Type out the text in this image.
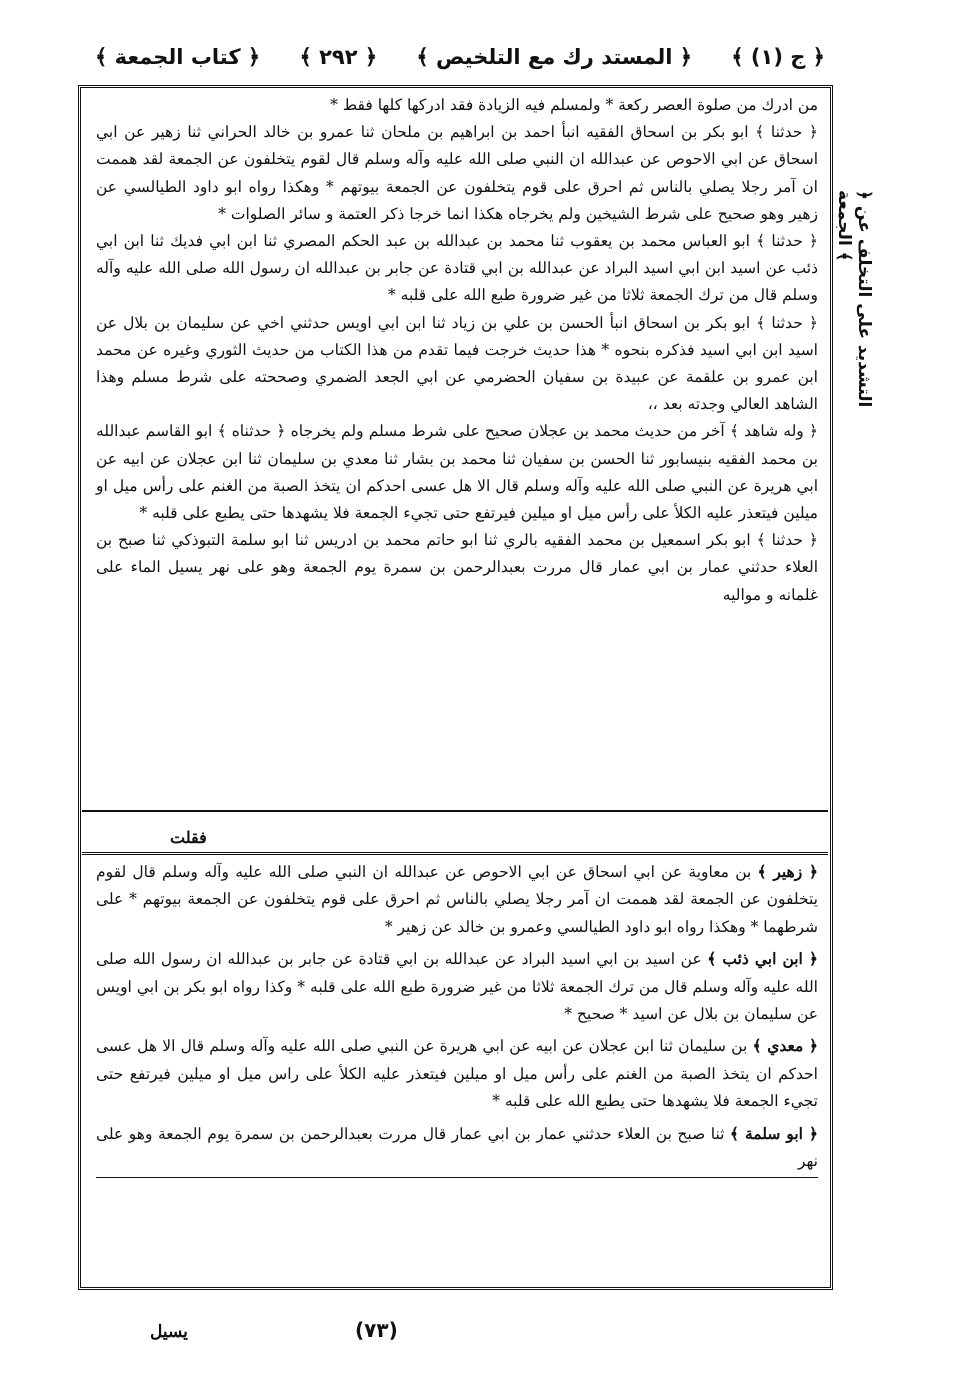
﴿ ج (١) ﴾
﴿ المستد رك مع التلخيص ﴾
﴿ ٢٩٢ ﴾
﴿ كتاب الجمعة ﴾
﴿ التشديد على التخلف عن الجمعة ﴾

من ادرك من صلوة العصر ركعة * ولمسلم فيه الزيادة فقد ادركها كلها فقط *

﴿ حدثنا ﴾ ابو بكر بن اسحاق الفقيه انبأ احمد بن ابراهيم بن ملحان ثنا عمرو بن خالد الحراني ثنا زهير عن ابي اسحاق عن ابي الاحوص عن عبدالله ان النبي صلى الله عليه وآله وسلم قال لقوم يتخلفون عن الجمعة لقد هممت ان آمر رجلا يصلي بالناس ثم احرق على قوم يتخلفون عن الجمعة بيوتهم * وهكذا رواه ابو داود الطيالسي عن زهير وهو صحيح على شرط الشيخين ولم يخرجاه هكذا انما خرجا ذكر العتمة و سائر الصلوات *

﴿ حدثنا ﴾ ابو العباس محمد بن يعقوب ثنا محمد بن عبدالله بن عبد الحكم المصري ثنا ابن ابي فديك ثنا ابن ابي ذئب عن اسيد ابن ابي اسيد البراد عن عبدالله بن ابي قتادة عن جابر بن عبدالله ان رسول الله صلى الله عليه وآله وسلم قال من ترك الجمعة ثلاثا من غير ضرورة طبع الله على قلبه *

﴿ حدثنا ﴾ ابو بكر بن اسحاق انبأ الحسن بن علي بن زياد ثنا ابن ابي اويس حدثني اخي عن سليمان بن بلال عن اسيد ابن ابي اسيد فذكره بنحوه * هذا حديث خرجت فيما تقدم من هذا الكتاب من حديث الثوري وغيره عن محمد ابن عمرو بن علقمة عن عبيدة بن سفيان الحضرمي عن ابي الجعد الضمري وصححته على شرط مسلم وهذا الشاهد العالي وجدته بعد ،،

﴿ وله شاهد ﴾ آخر من حديث محمد بن عجلان صحيح على شرط مسلم ولم يخرجاه ﴿ حدثناه ﴾ ابو القاسم عبدالله بن محمد الفقيه بنيسابور ثنا الحسن بن سفيان ثنا محمد بن بشار ثنا معدي بن سليمان ثنا ابن عجلان عن ابيه عن ابي هريرة عن النبي صلى الله عليه وآله وسلم قال الا هل عسى احدكم ان يتخذ الصبة من الغنم على رأس ميل او ميلين فيتعذر عليه الكلأ على رأس ميل او ميلين فيرتفع حتى تجيء الجمعة فلا يشهدها حتى يطبع على قلبه *

﴿ حدثنا ﴾ ابو بكر اسمعيل بن محمد الفقيه بالري ثنا ابو حاتم محمد بن ادريس ثنا ابو سلمة التبوذكي ثنا صبح بن العلاء حدثني عمار بن ابي عمار قال مررت بعبدالرحمن بن سمرة يوم الجمعة وهو على نهر يسيل الماء على غلمانه و مواليه

فقلت

﴿ زهير ﴾ بن معاوية عن ابي اسحاق عن ابي الاحوص عن عبدالله ان النبي صلى الله عليه وآله وسلم قال لقوم يتخلفون عن الجمعة لقد هممت ان آمر رجلا يصلي بالناس ثم احرق على قوم يتخلفون عن الجمعة بيوتهم * على شرطهما * وهكذا رواه ابو داود الطيالسي وعمرو بن خالد عن زهير *

﴿ ابن ابي ذئب ﴾ عن اسيد بن ابي اسيد البراد عن عبدالله بن ابي قتادة عن جابر بن عبدالله ان رسول الله صلى الله عليه وآله وسلم قال من ترك الجمعة ثلاثا من غير ضرورة طبع الله على قلبه * وكذا رواه ابو بكر بن ابي اويس عن سليمان بن بلال عن اسيد * صحيح *

﴿ معدي ﴾ بن سليمان ثنا ابن عجلان عن ابيه عن ابي هريرة عن النبي صلى الله عليه وآله وسلم قال الا هل عسى احدكم ان يتخذ الصبة من الغنم على رأس ميل او ميلين فيتعذر عليه الكلأ على راس ميل او ميلين فيرتفع حتى تجيء الجمعة فلا يشهدها حتى يطبع الله على قلبه *

﴿ ابو سلمة ﴾ ثنا صبح بن العلاء حدثني عمار بن ابي عمار قال مررت بعبدالرحمن بن سمرة يوم الجمعة وهو على نهر

(٧٣)
يسيل
